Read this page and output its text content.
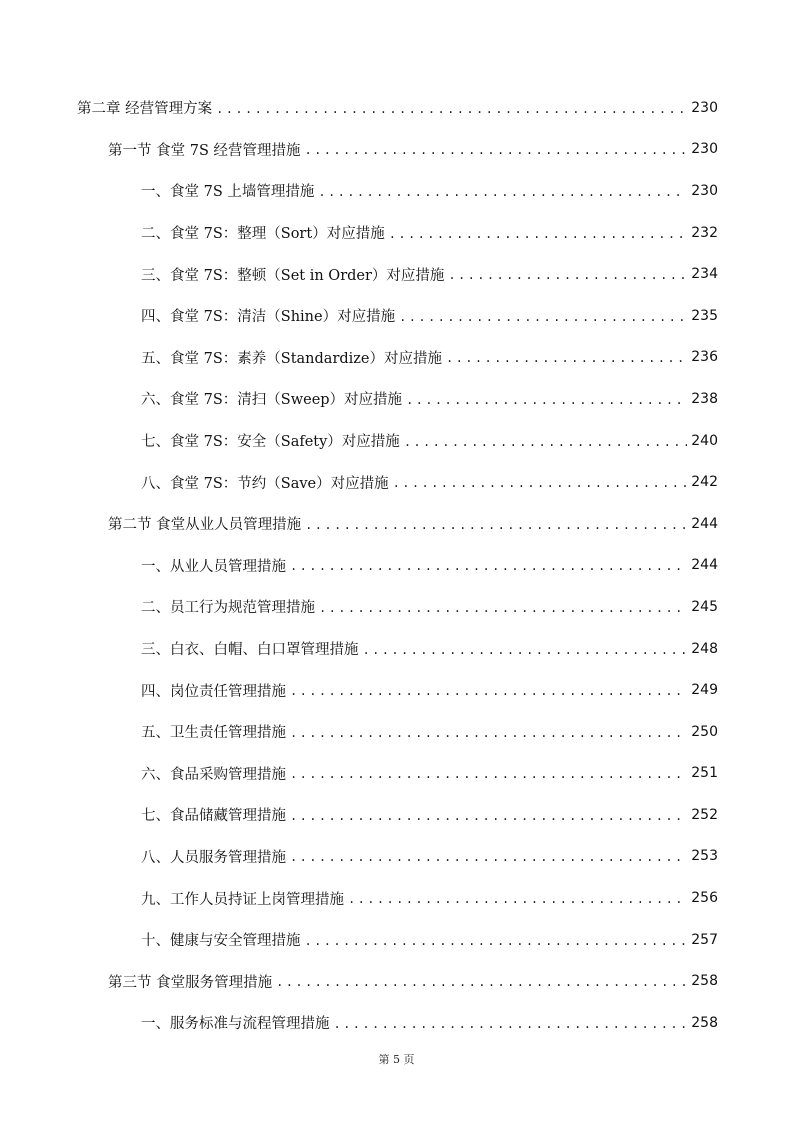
第二章 经营管理方案 .....	230
第一节 食堂 7S 经营管理措施 .....	230
一、食堂 7S 上墙管理措施 .....	230
二、食堂 7S：整理（Sort）对应措施 .....	232
三、食堂 7S：整顿（Set in Order）对应措施 .....	234
四、食堂 7S：清洁（Shine）对应措施 .....	235
五、食堂 7S：素养（Standardize）对应措施 .....	236
六、食堂 7S：清扫（Sweep）对应措施 .....	238
七、食堂 7S：安全（Safety）对应措施 .....	240
八、食堂 7S：节约（Save）对应措施 .....	242
第二节 食堂从业人员管理措施 .....	244
一、从业人员管理措施 .....	244
二、员工行为规范管理措施 .....	245
三、白衣、白帽、白口罩管理措施 .....	248
四、岗位责任管理措施 .....	249
五、卫生责任管理措施 .....	250
六、食品采购管理措施 .....	251
七、食品储藏管理措施 .....	252
八、人员服务管理措施 .....	253
九、工作人员持证上岗管理措施 .....	256
十、健康与安全管理措施 .....	257
第三节 食堂服务管理措施 .....	258
一、服务标准与流程管理措施 .....	258
第 5 页
